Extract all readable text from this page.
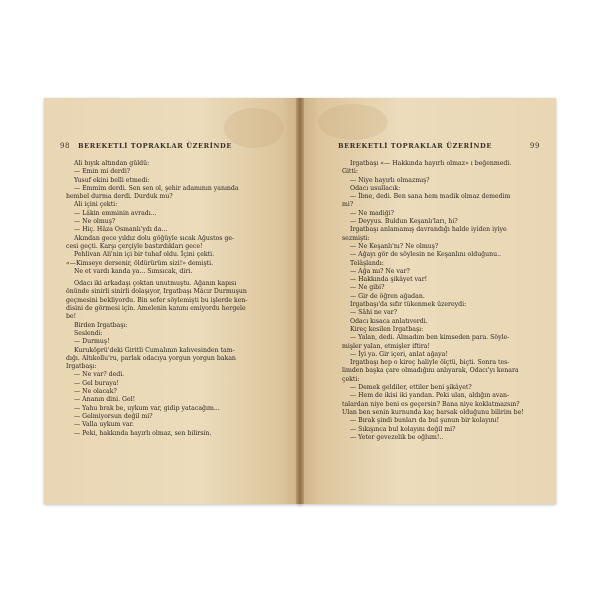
98 BEREKETLİ TOPRAKLAR ÜZERİNDE
Ali bıyık altından güldü:
— Emin mi derdi?
Yusuf ekini belli etmedi:
— Emmim derdi. Sen sen ol, şehir adamının yanında
hembel durma derdi. Durduk mu?
Ali içini çekti:
— Lâkin emminin avradı...
— Ne olmuş?
— Hiç. Hâza Osmanlı'ydı da...
Akından gece yıldız dolu göğüyle sıcak Ağustos ge-
cesi geçti. Karşı çerçiyle bastırdıkları gece!
Pehlivan Ali'nin içi bir tuhaf oldu. İçini çekti.
«—Kimseye dersenir, öldürürüm sizi!» demişti.
Ne et vardı kanda ya... Sımsıcak, diri.
Odacı iki arkadaşı çoktan unutmuştu. Ağanın kapısı
önünde sinirli sinirli dolaşıyor, Irgatbaşı Mâcır Durmuşun
geçmesini bekliyordu. Bin sefer söylemişti bu işlerde ken-
disini de görmesi için. Amelenin kanını emiyordu hergele
be!
Birden Irgatbaşı:
Seslendi:
— Durmuş!
Kuruköprü'deki Giritli Cumalının kahvesinden tam-
dığı. Altıkollu'ru, parlak odacıya yorgun yorgun bakan
Irgatbaşı:
— Ne var? dedi.
— Gel buraya!
— Ne olacak?
— Ananın dini. Gel!
— Yahu brak be, uykum var, gidip yatacağım...
— Gelmiyorsun değil mi?
— Valla uykum var.
— Peki, hakkında hayırlı olmaz, sen bilirsin.
BEREKETLİ TOPRAKLAR ÜZERİNDE	99
Irgatbaşı «— Hakkında hayırlı olmaz» ı beğenmedi.
Gitti:
— Niye hayırlı olmazmış?
Odacı usullacık:
— İbne, dedi. Ben sana hem madik olmaz demedim
mi?
— Ne madiği?
— Deyyus. Buldun Keşanlı'ları, hi?
Irgatbaşı anlamamış davrandığı halde iyiden iyiye
sezmişti:
— Ne Keşanlı'nı? Ne olmuş?
— Ağayı gör de söylesin ne Keşanlını olduğunu..
Telâşlandı:
— Ağa mı? Ne var?
— Hakkında şikâyet var!
— Ne gibi?
— Gir de öğren ağadan.
Irgatbaşı'da sıfır tükenmek üzereydi:
— Sâhi ne var?
Odacı kısaca anlatıverdi.
Kireç kesilen Irgatbaşı:
— Yalan, dedi. Almadım ben kimseden para. Söyle-
mişler yalan, etmişler iftira!
— İyi ya. Gir içeri, anlat ağaya!
Irgatbaşı hep o kireç haliyle ölçtü, biçti. Sonra tes-
limden başka çare olmadığını anlıyarak, Odacı'yı kenara
çekti:
— Demek geldiler, ettiler beni şikâyet?
— Hem de ikisi iki yandan. Peki ulan, aldığın avan-
talardan niye beni es geçersin? Bana niye koklatmazsın?
Ulan ben senin kurnunda kaç barsak olduğunu bilirim be!
— Bırak şindi bunları da bul şunun bir kolayını!
— Sıkışınca bul kolayını değil mi?
— Yeter gevezelik be oğlum!..
